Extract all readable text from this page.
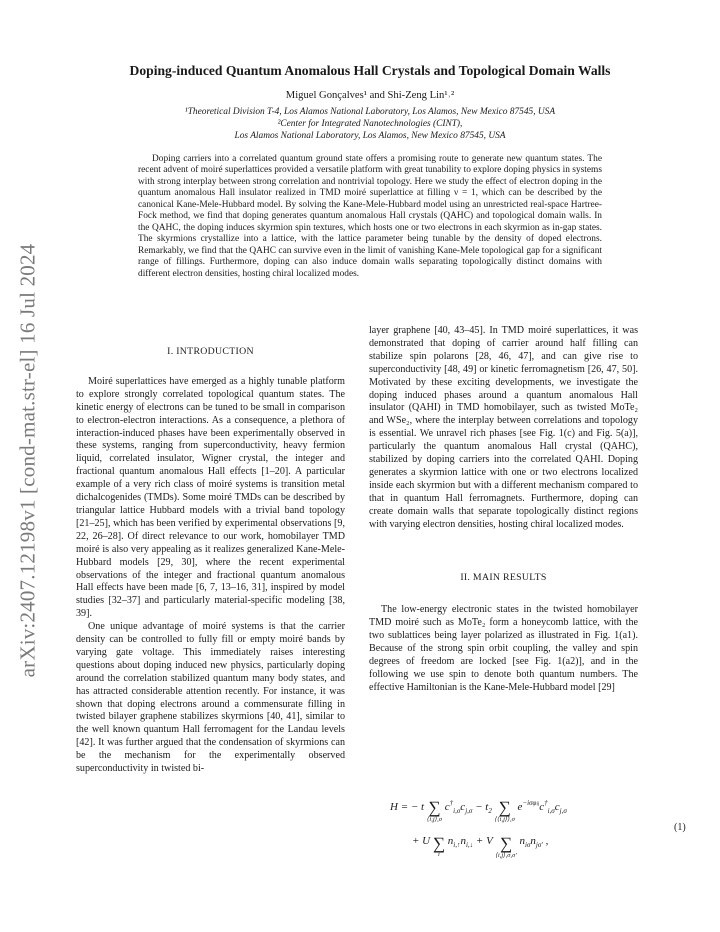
arXiv:2407.12198v1 [cond-mat.str-el] 16 Jul 2024
Doping-induced Quantum Anomalous Hall Crystals and Topological Domain Walls
Miguel Gonçalves¹ and Shi-Zeng Lin¹˒²
¹Theoretical Division T-4, Los Alamos National Laboratory, Los Alamos, New Mexico 87545, USA
²Center for Integrated Nanotechnologies (CINT),
Los Alamos National Laboratory, Los Alamos, New Mexico 87545, USA

Doping carriers into a correlated quantum ground state offers a promising route to generate new quantum states. The recent advent of moiré superlattices provided a versatile platform with great tunability to explore doping physics in systems with strong interplay between strong correlation and nontrivial topology. Here we study the effect of electron doping in the quantum anomalous Hall insulator realized in TMD moiré superlattice at filling ν = 1, which can be described by the canonical Kane-Mele-Hubbard model. By solving the Kane-Mele-Hubbard model using an unrestricted real-space Hartree-Fock method, we find that doping generates quantum anomalous Hall crystals (QAHC) and topological domain walls. In the QAHC, the doping induces skyrmion spin textures, which hosts one or two electrons in each skyrmion as in-gap states. The skyrmions crystallize into a lattice, with the lattice parameter being tunable by the density of doped electrons. Remarkably, we find that the QAHC can survive even in the limit of vanishing Kane-Mele topological gap for a significant range of fillings. Furthermore, doping can also induce domain walls separating topologically distinct domains with different electron densities, hosting chiral localized modes.

I. INTRODUCTION

Moiré superlattices have emerged as a highly tunable platform to explore strongly correlated topological quantum states. The kinetic energy of electrons can be tuned to be small in comparison to electron-electron interactions. As a consequence, a plethora of interaction-induced phases have been experimentally observed in these systems, ranging from superconductivity, heavy fermion liquid, correlated insulator, Wigner crystal, the integer and fractional quantum anomalous Hall effects [1–20]. A particular example of a very rich class of moiré systems is transition metal dichalcogenides (TMDs). Some moiré TMDs can be described by triangular lattice Hubbard models with a trivial band topology [21–25], which has been verified by experimental observations [9, 22, 26–28]. Of direct relevance to our work, homobilayer TMD moiré is also very appealing as it realizes generalized Kane-Mele-Hubbard models [29, 30], where the recent experimental observations of the integer and fractional quantum anomalous Hall effects have been made [6, 7, 13–16, 31], inspired by model studies [32–37] and particularly material-specific modeling [38, 39].

One unique advantage of moiré systems is that the carrier density can be controlled to fully fill or empty moiré bands by varying gate voltage. This immediately raises interesting questions about doping induced new physics, particularly doping around the correlation stabilized quantum many body states, and has attracted considerable attention recently. For instance, it was shown that doping electrons around a commensurate filling in twisted bilayer graphene stabilizes skyrmions [40, 41], similar to the well known quantum Hall ferromagent for the Landau levels [42]. It was further argued that the condensation of skyrmions can be the mechanism for the experimentally observed superconductivity in twisted bi-

layer graphene [40, 43–45]. In TMD moiré superlattices, it was demonstrated that doping of carrier around half filling can stabilize spin polarons [28, 46, 47], and can give rise to superconductivity [48, 49] or kinetic ferromagnetism [26, 47, 50]. Motivated by these exciting developments, we investigate the doping induced phases around a quantum anomalous Hall insulator (QAHI) in TMD homobilayer, such as twisted MoTe₂ and WSe₂, where the interplay between correlations and topology is essential. We unravel rich phases [see Fig. 1(c) and Fig. 5(a)], particularly the quantum anomalous Hall crystal (QAHC), stabilized by doping carriers into the correlated QAHI. Doping generates a skyrmion lattice with one or two electrons localized inside each skyrmion but with a different mechanism compared to that in quantum Hall ferromagnets. Furthermore, doping can create domain walls that separate topologically distinct regions with varying electron densities, hosting chiral localized modes.

II. MAIN RESULTS

The low-energy electronic states in the twisted homobilayer TMD moiré such as MoTe₂ form a honeycomb lattice, with the two sublattices being layer polarized as illustrated in Fig. 1(a1). Because of the strong spin orbit coupling, the valley and spin degrees of freedom are locked [see Fig. 1(a2)], and in the following we use spin to denote both quantum numbers. The effective Hamiltonian is the Kane-Mele-Hubbard model [29]

H = − t ∑
⟨i,j⟩,σ
$c^\dagger_{i,\sigma}c_{j,\sigma} - t_2$ ∑
⟨⟨i,j⟩⟩,σ
$e^{-i\sigma\varphi ij}c^\dagger_{i,\sigma}c_{j,\sigma}$
+ U ∑
i
$n_{i,↑}n_{i,↓} + V$ ∑
⟨i,j⟩,σ,σ′
$n_{i\sigma}n_{j\sigma'}$ ,
(1)
